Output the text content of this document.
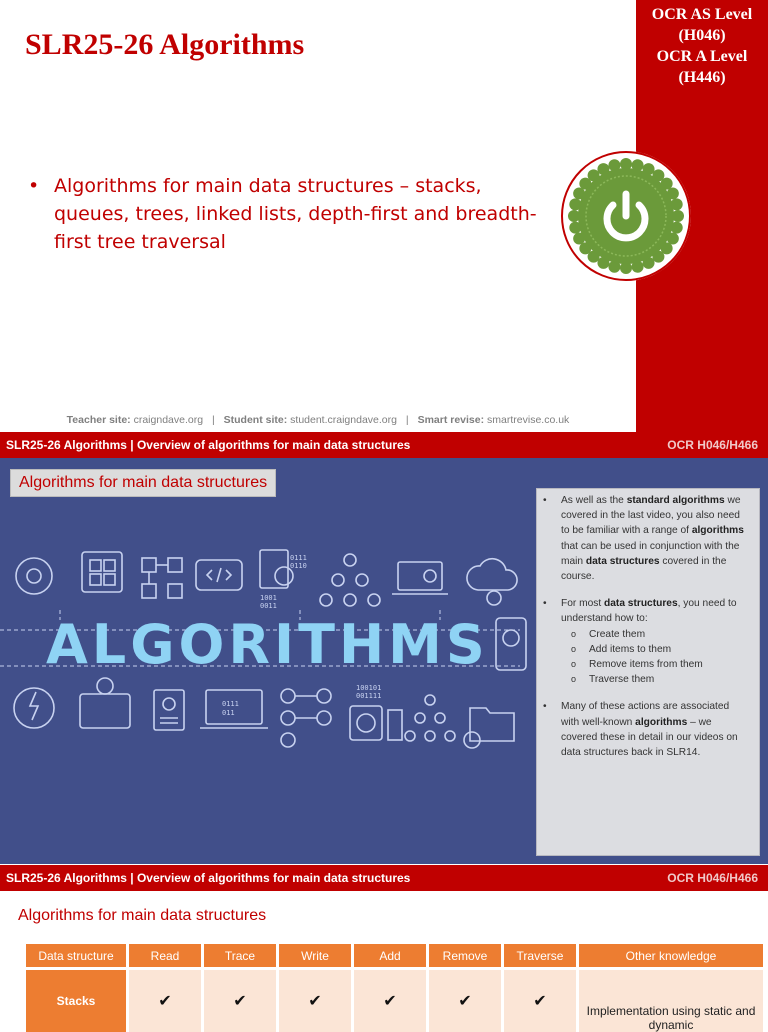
SLR25-26 Algorithms
OCR AS Level
(H046)
OCR A Level
(H446)
• Algorithms for main data structures – stacks, queues, trees, linked lists, depth-first and breadth-first tree traversal
Teacher site: craigndave.org | Student site: student.craigndave.org | Smart revise: smartrevise.co.uk
SLR25-26 Algorithms | Overview of algorithms for main data structures	OCR H046/H466
Algorithms for main data structures
0111
0110
1001
0011
0111
011
100101
001111
ALGORITHMS
• As well as the standard algorithms we covered in the last video, you also need to be familiar with a range of algorithms that can be used in conjunction with the main data structures covered in the course.
• For most data structures, you need to understand how to:
o Create them
o Add items to them
o Remove items from them
o Traverse them
• Many of these actions are associated with well-known algorithms – we covered these in detail in our videos on data structures back in SLR14.
SLR25-26 Algorithms | Overview of algorithms for main data structures	OCR H046/H466
Algorithms for main data structures
Data structure	Read	Trace	Write	Add	Remove	Traverse	Other knowledge
Stacks	✔	✔	✔	✔	✔	✔	Implementation using static and dynamic
